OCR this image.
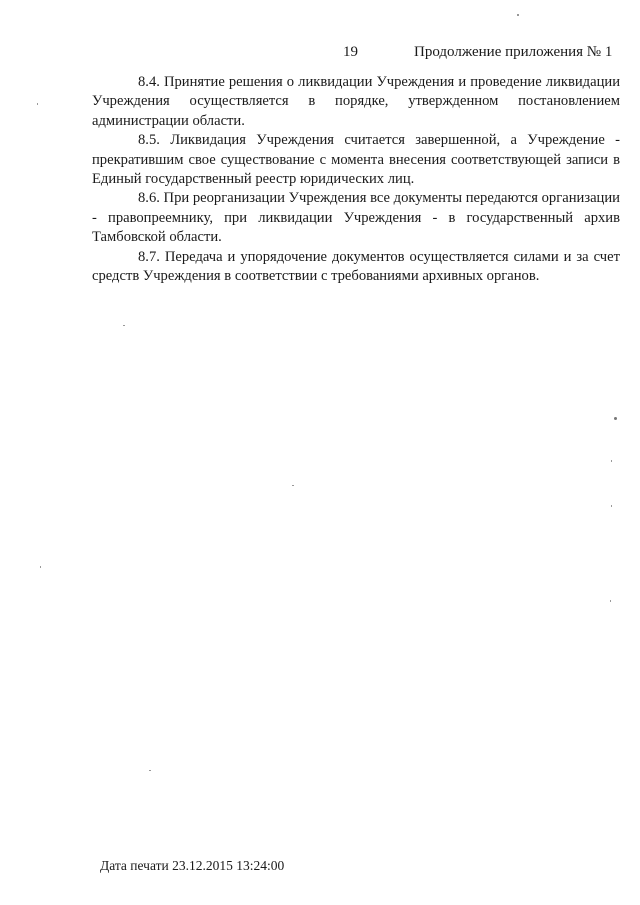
19	Продолжение приложения № 1

8.4. Принятие решения о ликвидации Учреждения и проведение ликвидации Учреждения осуществляется в порядке, утвержденном постановлением администрации области.

8.5. Ликвидация Учреждения считается завершенной, а Учреждение - прекратившим свое существование с момента внесения соответствующей записи в Единый государственный реестр юридических лиц.

8.6. При реорганизации Учреждения все документы передаются организации - правопреемнику, при ликвидации Учреждения - в государственный архив Тамбовской области.

8.7. Передача и упорядочение документов осуществляется силами и за счет средств Учреждения в соответствии с требованиями архивных органов.

Дата печати 23.12.2015 13:24:00
